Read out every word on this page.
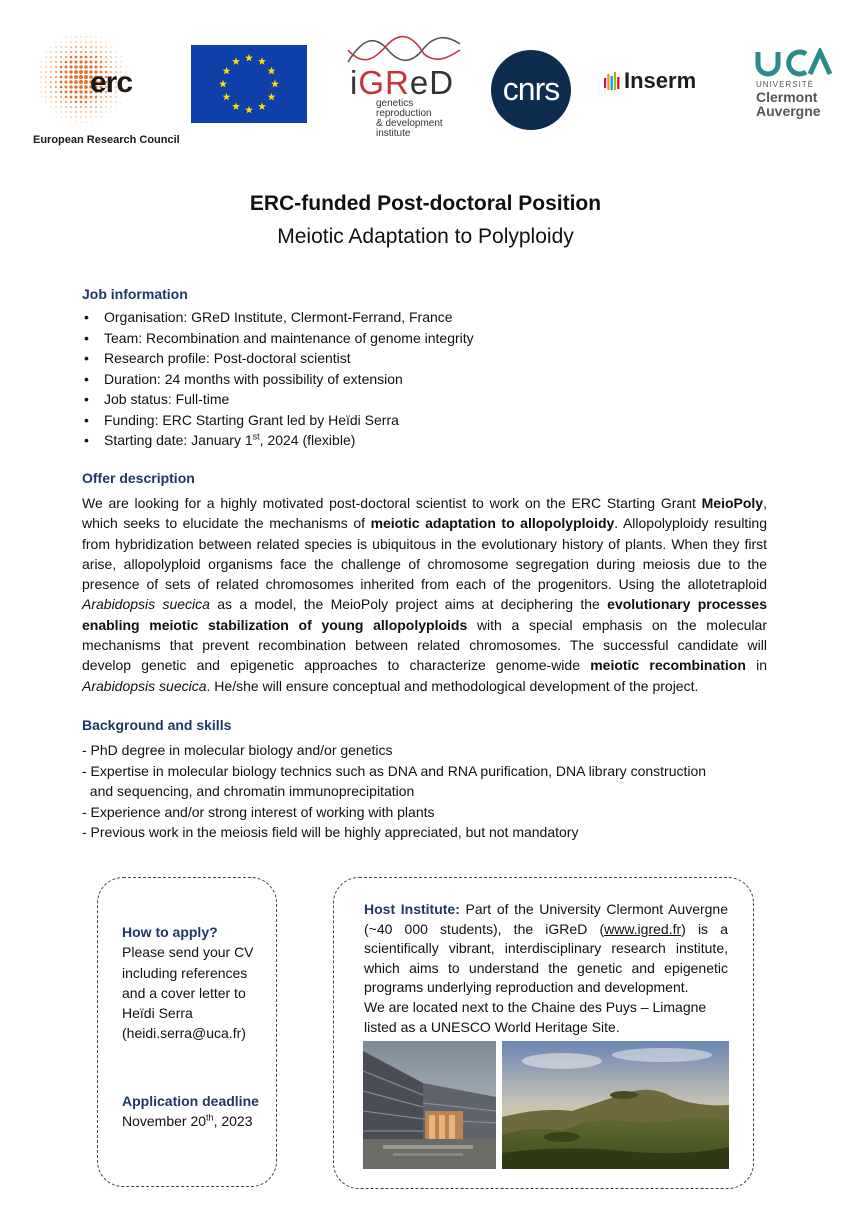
erc
European Research Council
iGReD
genetics
reproduction
& development
institute
cnrs	Inserm	UNIVERSITÉ
Clermont
Auvergne
ERC-funded Post-doctoral Position
Meiotic Adaptation to Polyploidy
Job information
• Organisation: GReD Institute, Clermont-Ferrand, France
• Team: Recombination and maintenance of genome integrity
• Research profile: Post-doctoral scientist
• Duration: 24 months with possibility of extension
• Job status: Full-time
• Funding: ERC Starting Grant led by Heïdi Serra
• Starting date: January 1st, 2024 (flexible)
Offer description

We are looking for a highly motivated post-doctoral scientist to work on the ERC Starting Grant MeioPoly, which seeks to elucidate the mechanisms of meiotic adaptation to allopolyploidy. Allopolyploidy resulting from hybridization between related species is ubiquitous in the evolutionary history of plants. When they first arise, allopolyploid organisms face the challenge of chromosome segregation during meiosis due to the presence of sets of related chromosomes inherited from each of the progenitors. Using the allotetraploid Arabidopsis suecica as a model, the MeioPoly project aims at deciphering the evolutionary processes enabling meiotic stabilization of young allopolyploids with a special emphasis on the molecular mechanisms that prevent recombination between related chromosomes. The successful candidate will develop genetic and epigenetic approaches to characterize genome-wide meiotic recombination in Arabidopsis suecica. He/she will ensure conceptual and methodological development of the project.

Background and skills
- PhD degree in molecular biology and/or genetics
- Expertise in molecular biology technics such as DNA and RNA purification, DNA library construction
and sequencing, and chromatin immunoprecipitation
- Experience and/or strong interest of working with plants
- Previous work in the meiosis field will be highly appreciated, but not mandatory
How to apply?
Please send your CV including references and a cover letter to Heïdi Serra (heidi.serra@uca.fr)
Application deadline
November 20th, 2023

Host Institute: Part of the University Clermont Auvergne (~40 000 students), the iGReD (www.igred.fr) is a scientifically vibrant, interdisciplinary research institute, which aims to understand the genetic and epigenetic programs underlying reproduction and development.

We are located next to the Chaine des Puys – Limagne listed as a UNESCO World Heritage Site.
